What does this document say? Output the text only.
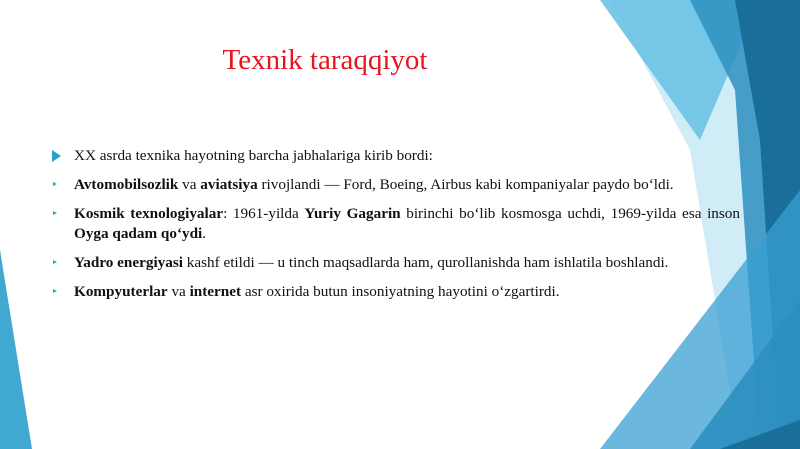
Texnik taraqqiyot
XX asrda texnika hayotning barcha jabhalariga kirib bordi:
Avtomobilsozlik va aviatsiya rivojlandi — Ford, Boeing, Airbus kabi kompaniyalar paydo bo‘ldi.
Kosmik texnologiyalar: 1961-yilda Yuriy Gagarin birinchi bo‘lib kosmosga uchdi, 1969-yilda esa inson Oyga qadam qo‘ydi.
Yadro energiyasi kashf etildi — u tinch maqsadlarda ham, qurollanishda ham ishlatila boshlandi.
Kompyuterlar va internet asr oxirida butun insoniyatning hayotini o‘zgartirdi.
